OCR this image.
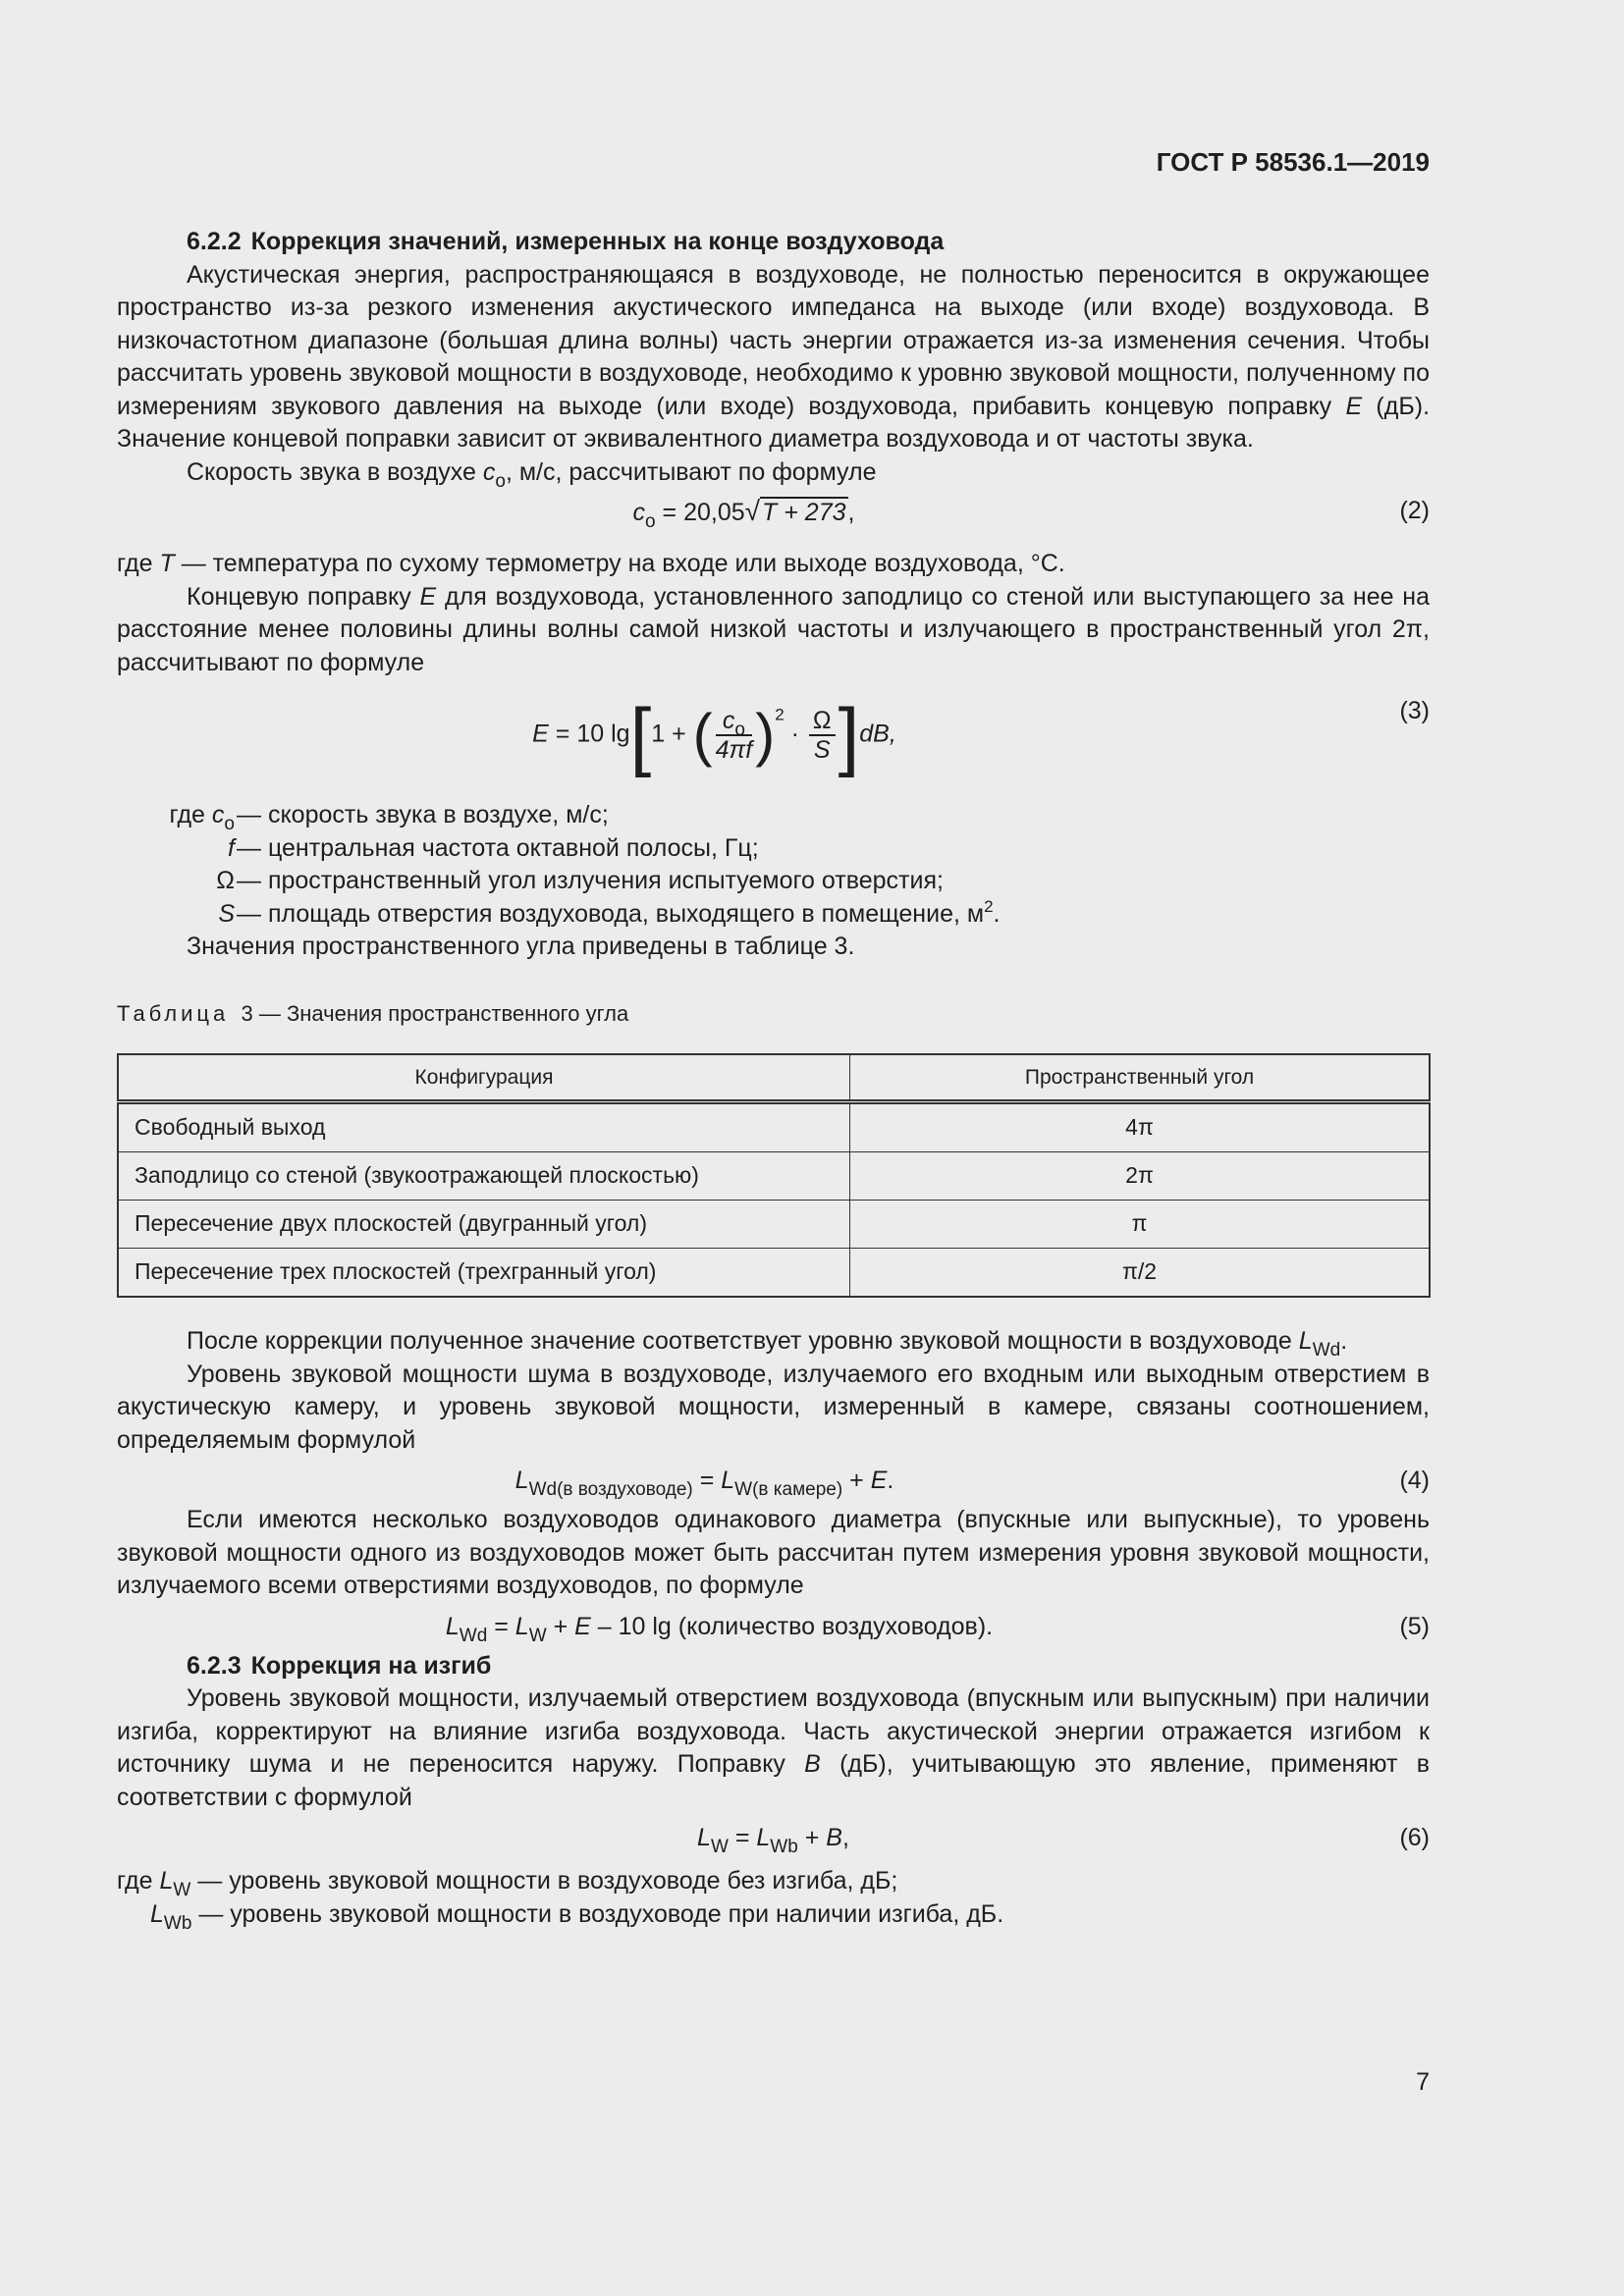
ГОСТ Р 58536.1—2019

6.2.2 Коррекция значений, измеренных на конце воздуховода

Акустическая энергия, распространяющаяся в воздуховоде, не полностью переносится в окружающее пространство из-за резкого изменения акустического импеданса на выходе (или входе) воздуховода. В низкочастотном диапазоне (большая длина волны) часть энергии отражается из-за изменения сечения. Чтобы рассчитать уровень звуковой мощности в воздуховоде, необходимо к уровню звуковой мощности, полученному по измерениям звукового давления на выходе (или входе) воздуховода, прибавить концевую поправку E (дБ). Значение концевой поправки зависит от эквивалентного диаметра воздуховода и от частоты звука.

Скорость звука в воздухе $c_o$, м/с, рассчитывают по формуле

$c_o = 20,05√T + 273$,	(2)
где T — температура по сухому термометру на входе или выходе воздуховода, °С.

Концевую поправку E для воздуховода, установленного заподлицо со стеной или выступающего за нее на расстояние менее половины длины волны самой низкой частоты и излучающего в пространственный угол 2π, рассчитывают по формуле

E = 10 lg[1 + ( $\frac{c_o}{4\pi f} )^2 \cdot \frac{\Omega}{S} ]dB$,
(3)
где $c_o$ — скорость звука в воздухе, м/с;
f — центральная частота октавной полосы, Гц;
Ω — пространственный угол излучения испытуемого отверстия;
S — площадь отверстия воздуховода, выходящего в помещение, $м^2$.

Значения пространственного угла приведены в таблице 3.

Таблица 3 — Значения пространственного угла
Конфигурация	Пространственный угол
Свободный выход	4π
Заподлицо со стеной (звукоотражающей плоскостью)	2π
Пересечение двух плоскостей (двугранный угол)	π
Пересечение трех плоскостей (трехгранный угол)	π/2

После коррекции полученное значение соответствует уровню звуковой мощности в воздуховоде $L_{Wd}$.

Уровень звуковой мощности шума в воздуховоде, излучаемого его входным или выходным отверстием в акустическую камеру, и уровень звуковой мощности, измеренный в камере, связаны соотношением, определяемым формулой

$L_{Wd(в воздуховоде)} = L_{W(в камере)} + E$.	(4)

Если имеются несколько воздуховодов одинакового диаметра (впускные или выпускные), то уровень звуковой мощности одного из воздуховодов может быть рассчитан путем измерения уровня звуковой мощности, излучаемого всеми отверстиями воздуховодов, по формуле

$L_{Wd} = L_W + E - 10$ lg (количество воздуховодов).	(5)

6.2.3 Коррекция на изгиб

Уровень звуковой мощности, излучаемый отверстием воздуховода (впускным или выпускным) при наличии изгиба, корректируют на влияние изгиба воздуховода. Часть акустической энергии отражается изгибом к источнику шума и не переносится наружу. Поправку B (дБ), учитывающую это явление, применяют в соответствии с формулой

$L_W = L_{Wb} + B$,	(6)
где $L_W$ — уровень звуковой мощности в воздуховоде без изгиба, дБ;
$L_{Wb}$ — уровень звуковой мощности в воздуховоде при наличии изгиба, дБ.
7
